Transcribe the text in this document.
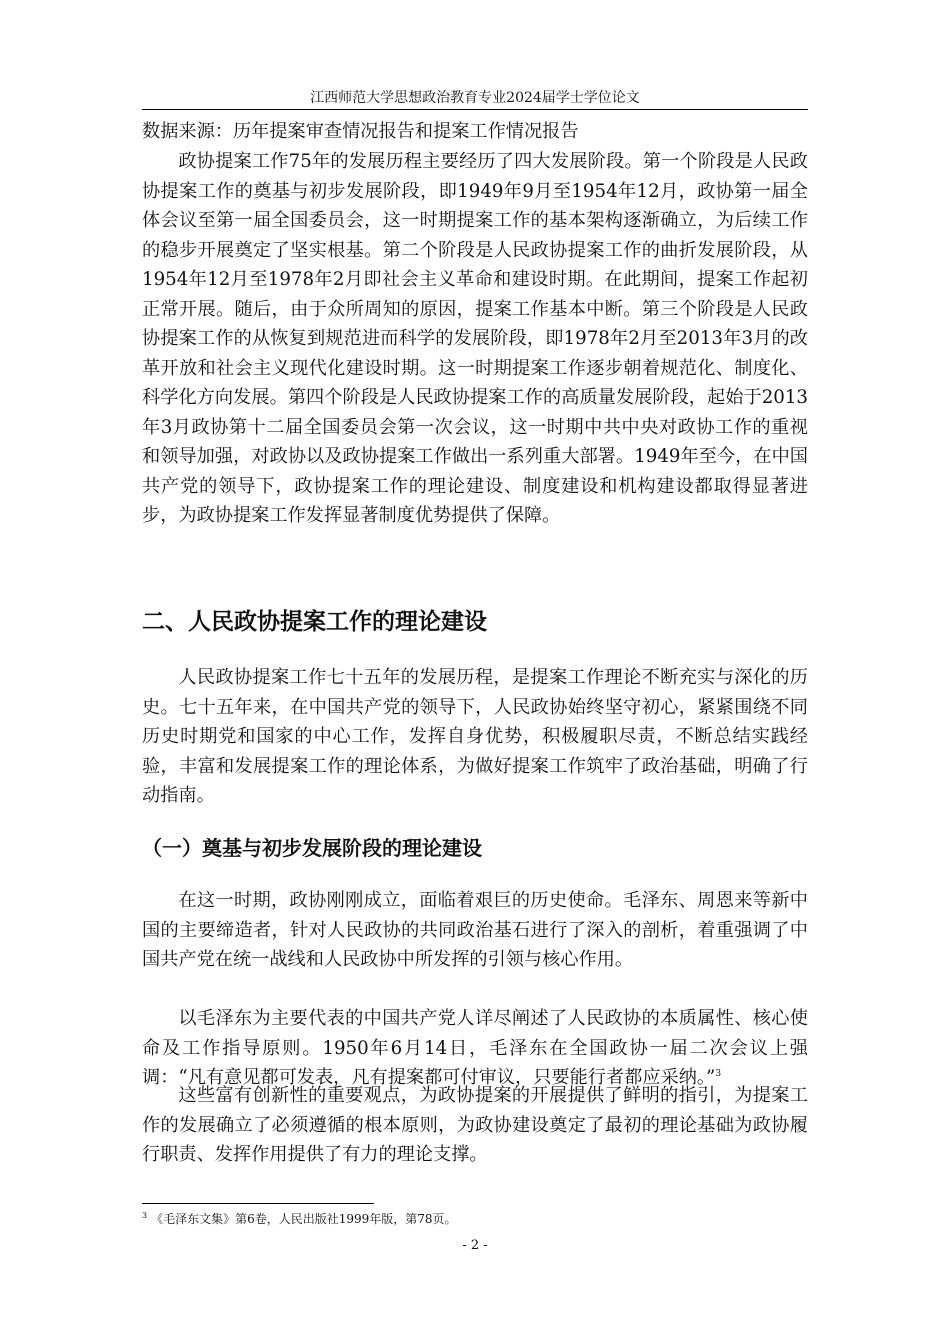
江西师范大学思想政治教育专业2024届学士学位论文
数据来源：历年提案审查情况报告和提案工作情况报告
政协提案工作75年的发展历程主要经历了四大发展阶段。第一个阶段是人民政协提案工作的奠基与初步发展阶段，即1949年9月至1954年12月，政协第一届全体会议至第一届全国委员会，这一时期提案工作的基本架构逐渐确立，为后续工作的稳步开展奠定了坚实根基。第二个阶段是人民政协提案工作的曲折发展阶段，从1954年12月至1978年2月即社会主义革命和建设时期。在此期间，提案工作起初正常开展。随后，由于众所周知的原因，提案工作基本中断。第三个阶段是人民政协提案工作的从恢复到规范进而科学的发展阶段，即1978年2月至2013年3月的改革开放和社会主义现代化建设时期。这一时期提案工作逐步朝着规范化、制度化、科学化方向发展。第四个阶段是人民政协提案工作的高质量发展阶段，起始于2013年3月政协第十二届全国委员会第一次会议，这一时期中共中央对政协工作的重视和领导加强，对政协以及政协提案工作做出一系列重大部署。1949年至今，在中国共产党的领导下，政协提案工作的理论建设、制度建设和机构建设都取得显著进步，为政协提案工作发挥显著制度优势提供了保障。
二、人民政协提案工作的理论建设
人民政协提案工作七十五年的发展历程，是提案工作理论不断充实与深化的历史。七十五年来，在中国共产党的领导下，人民政协始终坚守初心，紧紧围绕不同历史时期党和国家的中心工作，发挥自身优势，积极履职尽责，不断总结实践经验，丰富和发展提案工作的理论体系，为做好提案工作筑牢了政治基础，明确了行动指南。
（一）奠基与初步发展阶段的理论建设
在这一时期，政协刚刚成立，面临着艰巨的历史使命。毛泽东、周恩来等新中国的主要缔造者，针对人民政协的共同政治基石进行了深入的剖析，着重强调了中国共产党在统一战线和人民政协中所发挥的引领与核心作用。
以毛泽东为主要代表的中国共产党人详尽阐述了人民政协的本质属性、核心使命及工作指导原则。1950年6月14日，毛泽东在全国政协一届二次会议上强调：“凡有意见都可发表，凡有提案都可付审议，只要能行者都应采纳。”$^3$
这些富有创新性的重要观点，为政协提案的开展提供了鲜明的指引，为提案工作的发展确立了必须遵循的根本原则，为政协建设奠定了最初的理论基础为政协履行职责、发挥作用提供了有力的理论支撑。
$^3$ 《毛泽东文集》第6卷，人民出版社1999年版，第78页。
- 2 -
